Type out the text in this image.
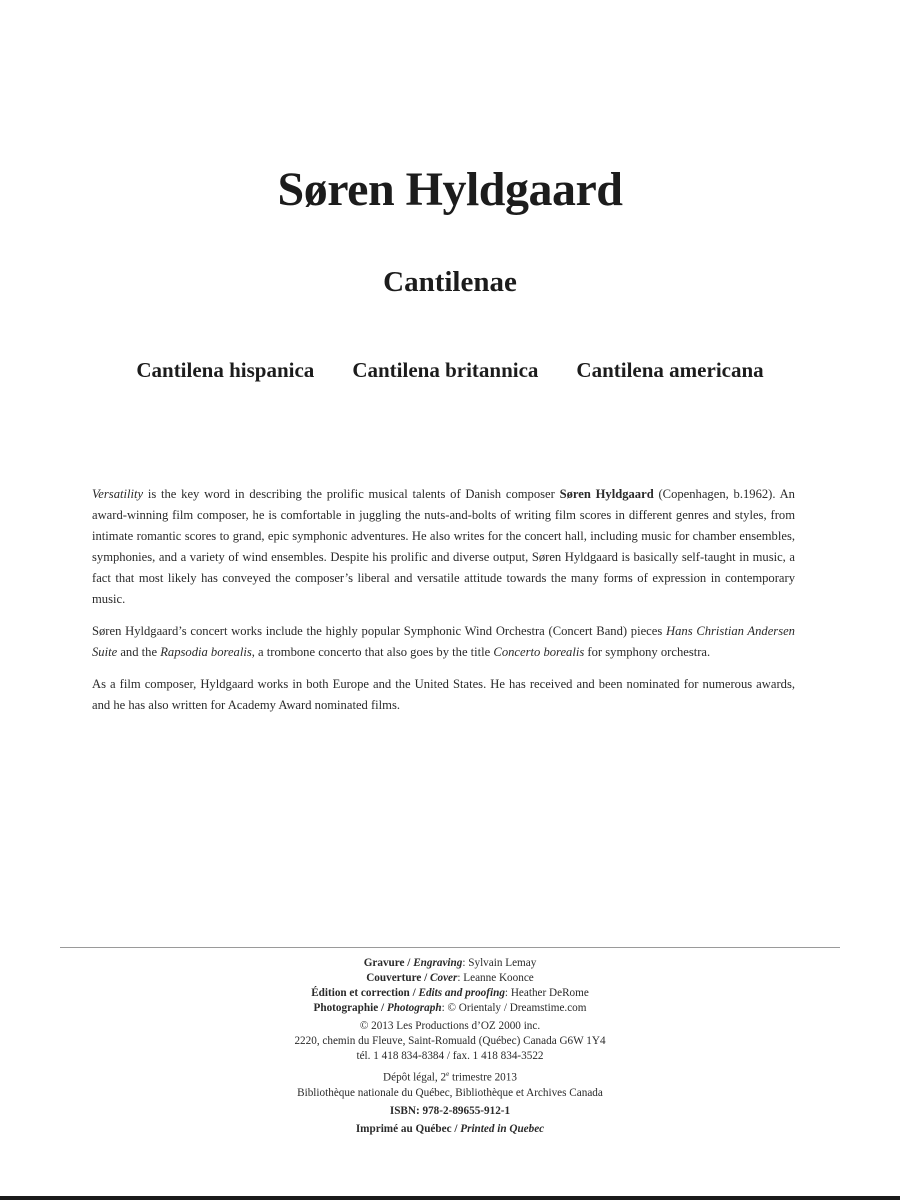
Søren Hyldgaard
Cantilenae
Cantilena hispanica Cantilena britannica Cantilena americana

Versatility is the key word in describing the prolific musical talents of Danish composer Søren Hyldgaard (Copenhagen, b.1962). An award-winning film composer, he is comfortable in juggling the nuts-and-bolts of writing film scores in different genres and styles, from intimate romantic scores to grand, epic symphonic adventures. He also writes for the concert hall, including music for chamber ensembles, symphonies, and a variety of wind ensembles. Despite his prolific and diverse output, Søren Hyldgaard is basically self-taught in music, a fact that most likely has conveyed the composer’s liberal and versatile attitude towards the many forms of expression in contemporary music.

Søren Hyldgaard’s concert works include the highly popular Symphonic Wind Orchestra (Concert Band) pieces Hans Christian Andersen Suite and the Rapsodia borealis, a trombone concerto that also goes by the title Concerto borealis for symphony orchestra.

As a film composer, Hyldgaard works in both Europe and the United States. He has received and been nominated for numerous awards, and he has also written for Academy Award nominated films.

Gravure / Engraving: Sylvain Lemay
Couverture / Cover: Leanne Koonce
Édition et correction / Edits and proofing: Heather DeRome
Photographie / Photograph: © Orientaly / Dreamstime.com
© 2013 Les Productions d’OZ 2000 inc.
2220, chemin du Fleuve, Saint-Romuald (Québec) Canada G6W 1Y4
tél. 1 418 834-8384 / fax. 1 418 834-3522
Dépôt légal, 2e trimestre 2013
Bibliothèque nationale du Québec, Bibliothèque et Archives Canada
ISBN: 978-2-89655-912-1
Imprimé au Québec / Printed in Quebec
